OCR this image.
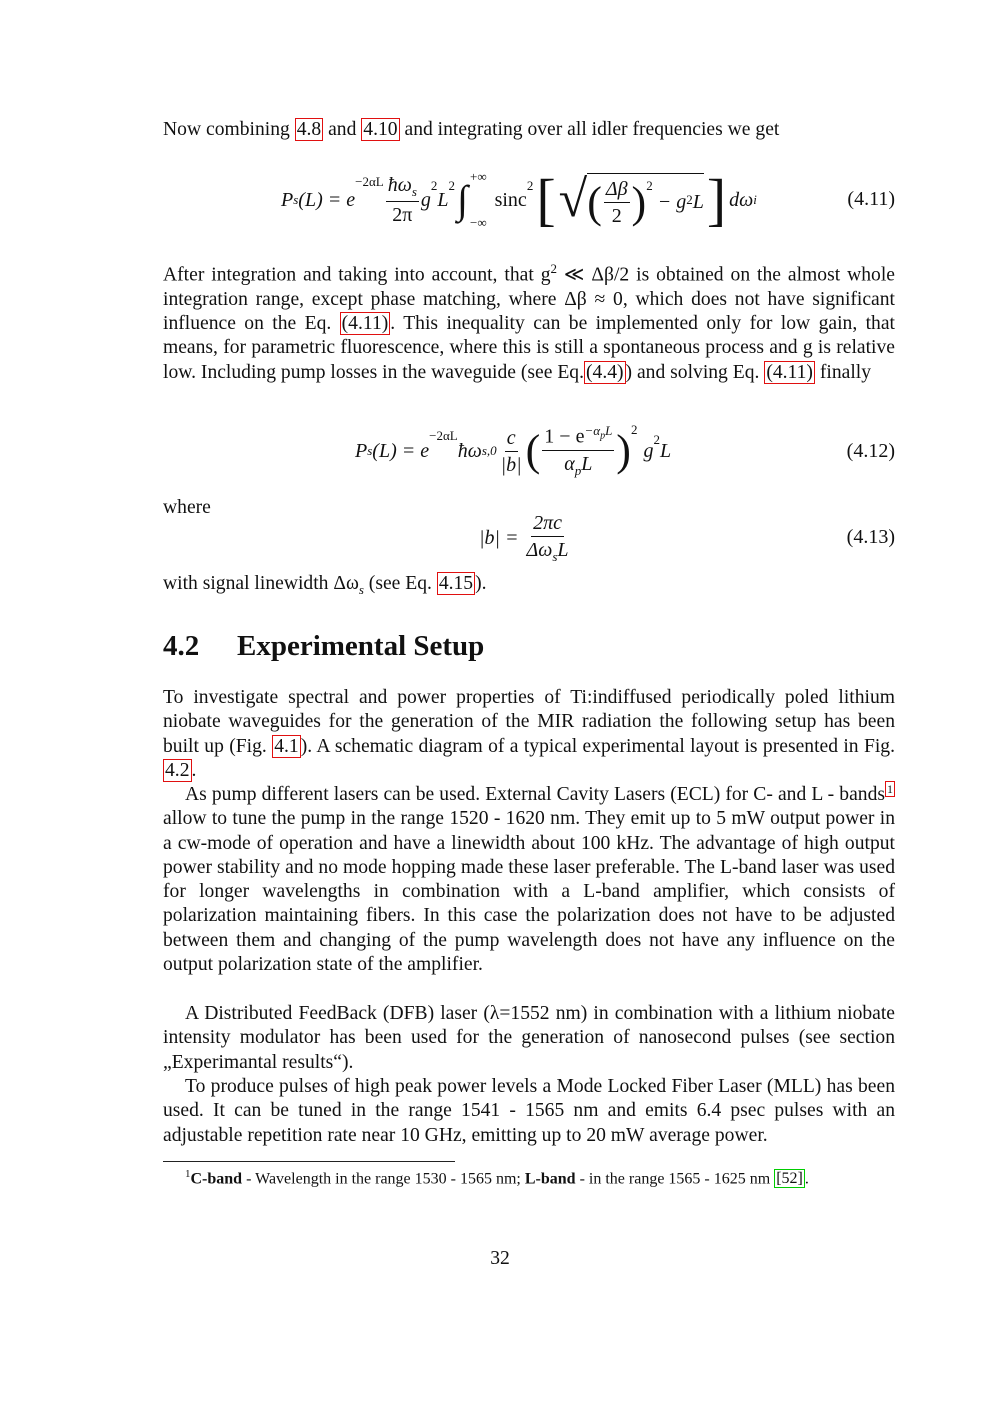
Now combining 4.8 and 4.10 and integrating over all idler frequencies we get
P s (L) = e
$^{-2\alpha L} \frac{ħ\omega_s}{2\pi}$ g
$^2$
L
$^2$ ∫
+∞
−∞
sinc
$^2$ [ √ ( $\frac{\Delta\beta}{2} )^2$
− g 2 L ] dω i	(4.11)
After integration and taking into account, that $g^2$ ≪ Δβ/2 is obtained on the almost whole integration range, except phase matching, where Δβ ≈ 0, which does not have significant influence on the Eq. (4.11) . This inequality can be implemented only for low gain, that means, for parametric fluorescence, where this is still a spontaneous process and g is relative low. Including pump losses in the waveguide (see Eq. (4.4) ) and solving Eq. (4.11) finally
P s (L) = e
$^{-2\alpha L}$
ħω $s,0 \frac{c}{|b|}$ ( $\frac{1 - e^{-\alpha_pL}}{\alpha_pL} )^2$
$g^2$ L	(4.12)
where
$|b| = \frac{2\pi c}{\Delta\omega_sL}$	(4.13)
with signal linewidth $\Delta\omega_s$ (see Eq. 4.15 ).
4.2 Experimental Setup
To investigate spectral and power properties of Ti:indiffused periodically poled lithium niobate waveguides for the generation of the MIR radiation the following setup has been built up (Fig. 4.1 ). A schematic diagram of a typical experimental layout is presented in Fig. 4.2 .
As pump different lasers can be used. External Cavity Lasers (ECL) for C- and L - bands $^1$ allow to tune the pump in the range 1520 - 1620 nm. They emit up to 5 mW output power in a cw-mode of operation and have a linewidth about 100 kHz. The advantage of high output power stability and no mode hopping made these laser preferable. The L-band laser was used for longer wavelengths in combination with a L-band amplifier, which consists of polarization maintaining fibers. In this case the polarization does not have to be adjusted between them and changing of the pump wavelength does not have any influence on the output polarization state of the amplifier.
A Distributed FeedBack (DFB) laser (λ=1552 nm) in combination with a lithium niobate intensity modulator has been used for the generation of nanosecond pulses (see section „Experimantal results“).
To produce pulses of high peak power levels a Mode Locked Fiber Laser (MLL) has been used. It can be tuned in the range 1541 - 1565 nm and emits 6.4 psec pulses with an adjustable repetition rate near 10 GHz, emitting up to 20 mW average power.
$^1$C-band - Wavelength in the range 1530 - 1565 nm; L-band - in the range 1565 - 1625 nm [52] .
32
